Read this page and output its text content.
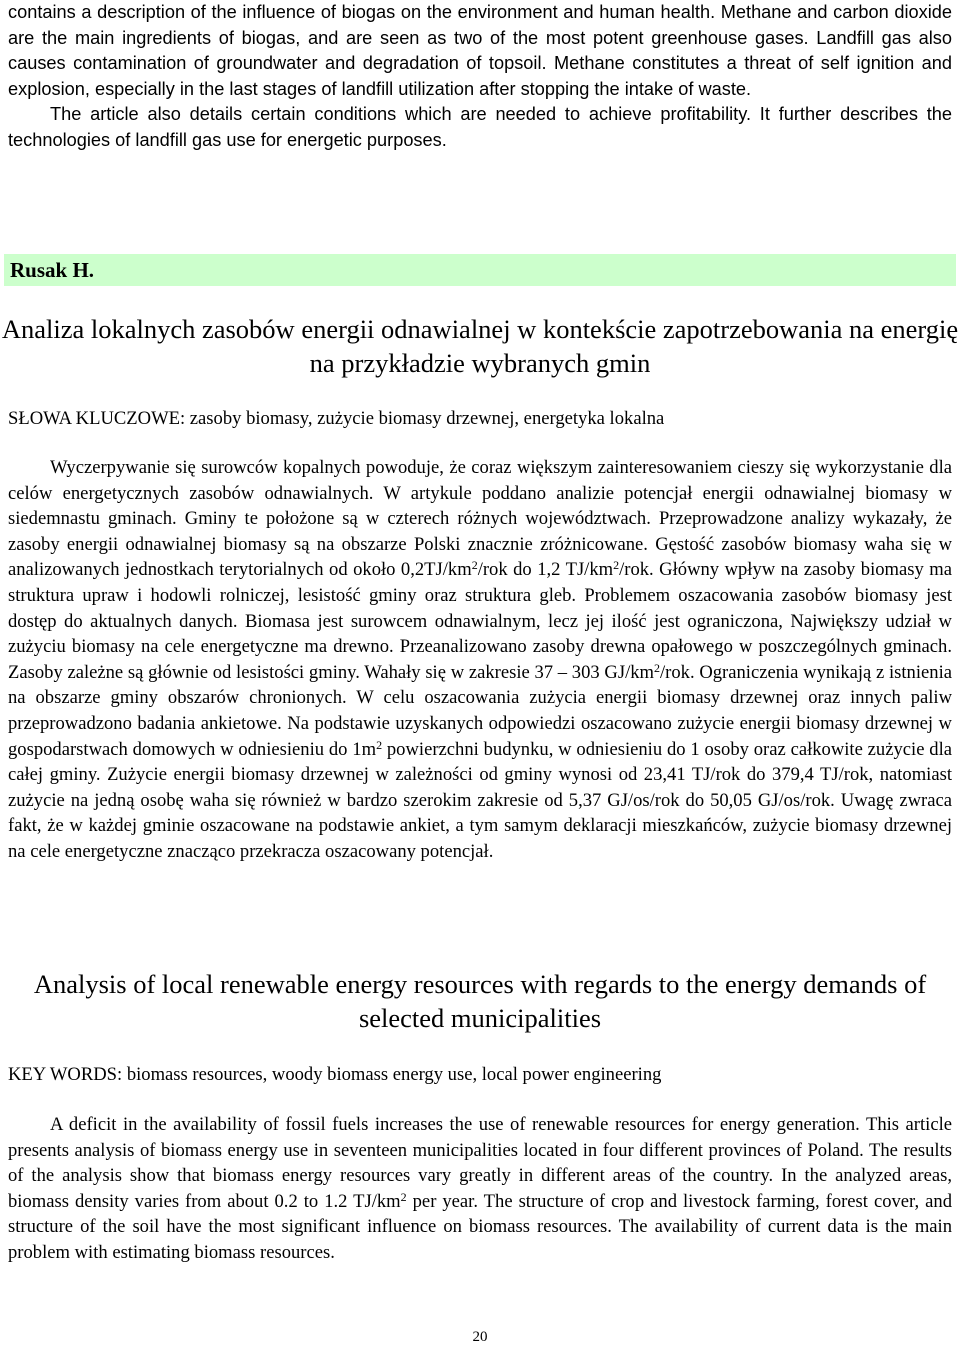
contains a description of the influence of biogas on the environment and human health. Methane and carbon dioxide are the main ingredients of biogas, and are seen as two of the most potent greenhouse gases. Landfill gas also causes contamination of groundwater and degradation of topsoil. Methane constitutes a threat of self ignition and explosion, especially in the last stages of landfill utilization after stopping the intake of waste.

The article also details certain conditions which are needed to achieve profitability. It further describes the technologies of landfill gas use for energetic purposes.

Rusak H.
Analiza lokalnych zasobów energii odnawialnej w kontekście zapotrzebowania na energię na przykładzie wybranych gmin
SŁOWA KLUCZOWE: zasoby biomasy, zużycie biomasy drzewnej, energetyka lokalna

Wyczerpywanie się surowców kopalnych powoduje, że coraz większym zainteresowaniem cieszy się wykorzystanie dla celów energetycznych zasobów odnawialnych. W artykule poddano analizie potencjał energii odnawialnej biomasy w siedemnastu gminach. Gminy te położone są w czterech różnych województwach. Przeprowadzone analizy wykazały, że zasoby energii odnawialnej biomasy są na obszarze Polski znacznie zróżnicowane. Gęstość zasobów biomasy waha się w analizowanych jednostkach terytorialnych od około $0,2TJ/km^2$/rok do 1,2 $TJ/km^2$/rok. Główny wpływ na zasoby biomasy ma struktura upraw i hodowli rolniczej, lesistość gminy oraz struktura gleb. Problemem oszacowania zasobów biomasy jest dostęp do aktualnych danych. Biomasa jest surowcem odnawialnym, lecz jej ilość jest ograniczona, Największy udział w zużyciu biomasy na cele energetyczne ma drewno. Przeanalizowano zasoby drewna opałowego w poszczególnych gminach. Zasoby zależne są głównie od lesistości gminy. Wahały się w zakresie 37 – 303 $GJ/km^2$/rok. Ograniczenia wynikają z istnienia na obszarze gminy obszarów chronionych. W celu oszacowania zużycia energii biomasy drzewnej oraz innych paliw przeprowadzono badania ankietowe. Na podstawie uzyskanych odpowiedzi oszacowano zużycie energii biomasy drzewnej w gospodarstwach domowych w odniesieniu do $1m^2$ powierzchni budynku, w odniesieniu do 1 osoby oraz całkowite zużycie dla całej gminy. Zużycie energii biomasy drzewnej w zależności od gminy wynosi od 23,41 TJ/rok do 379,4 TJ/rok, natomiast zużycie na jedną osobę waha się również w bardzo szerokim zakresie od 5,37 GJ/os/rok do 50,05 GJ/os/rok. Uwagę zwraca fakt, że w każdej gminie oszacowane na podstawie ankiet, a tym samym deklaracji mieszkańców, zużycie biomasy drzewnej na cele energetyczne znacząco przekracza oszacowany potencjał.

Analysis of local renewable energy resources with regards to the energy demands of selected municipalities
KEY WORDS: biomass resources, woody biomass energy use, local power engineering

A deficit in the availability of fossil fuels increases the use of renewable resources for energy generation. This article presents analysis of biomass energy use in seventeen municipalities located in four different provinces of Poland. The results of the analysis show that biomass energy resources vary greatly in different areas of the country. In the analyzed areas, biomass density varies from about 0.2 to 1.2 $TJ/km^2$ per year. The structure of crop and livestock farming, forest cover, and structure of the soil have the most significant influence on biomass resources. The availability of current data is the main problem with estimating biomass resources.

20
